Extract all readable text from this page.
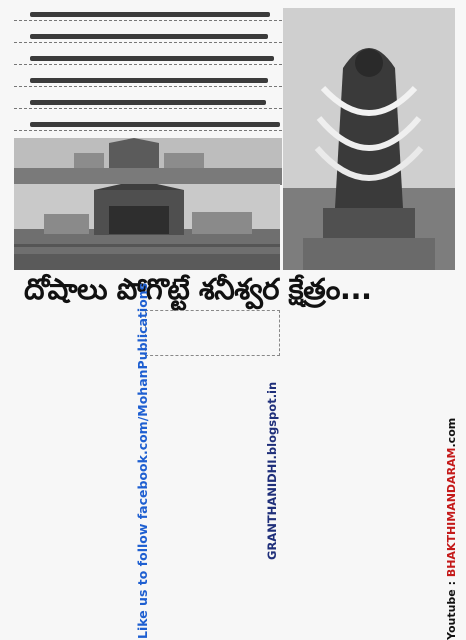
దోషాలు పోగొట్టే శనీశ్వర క్షేత్రం...

Like us to follow facebook.com/MohanPublications	GRANTHANIDHI.blogspot.in
Youtube : BHAKTHIMANDARAM.com
